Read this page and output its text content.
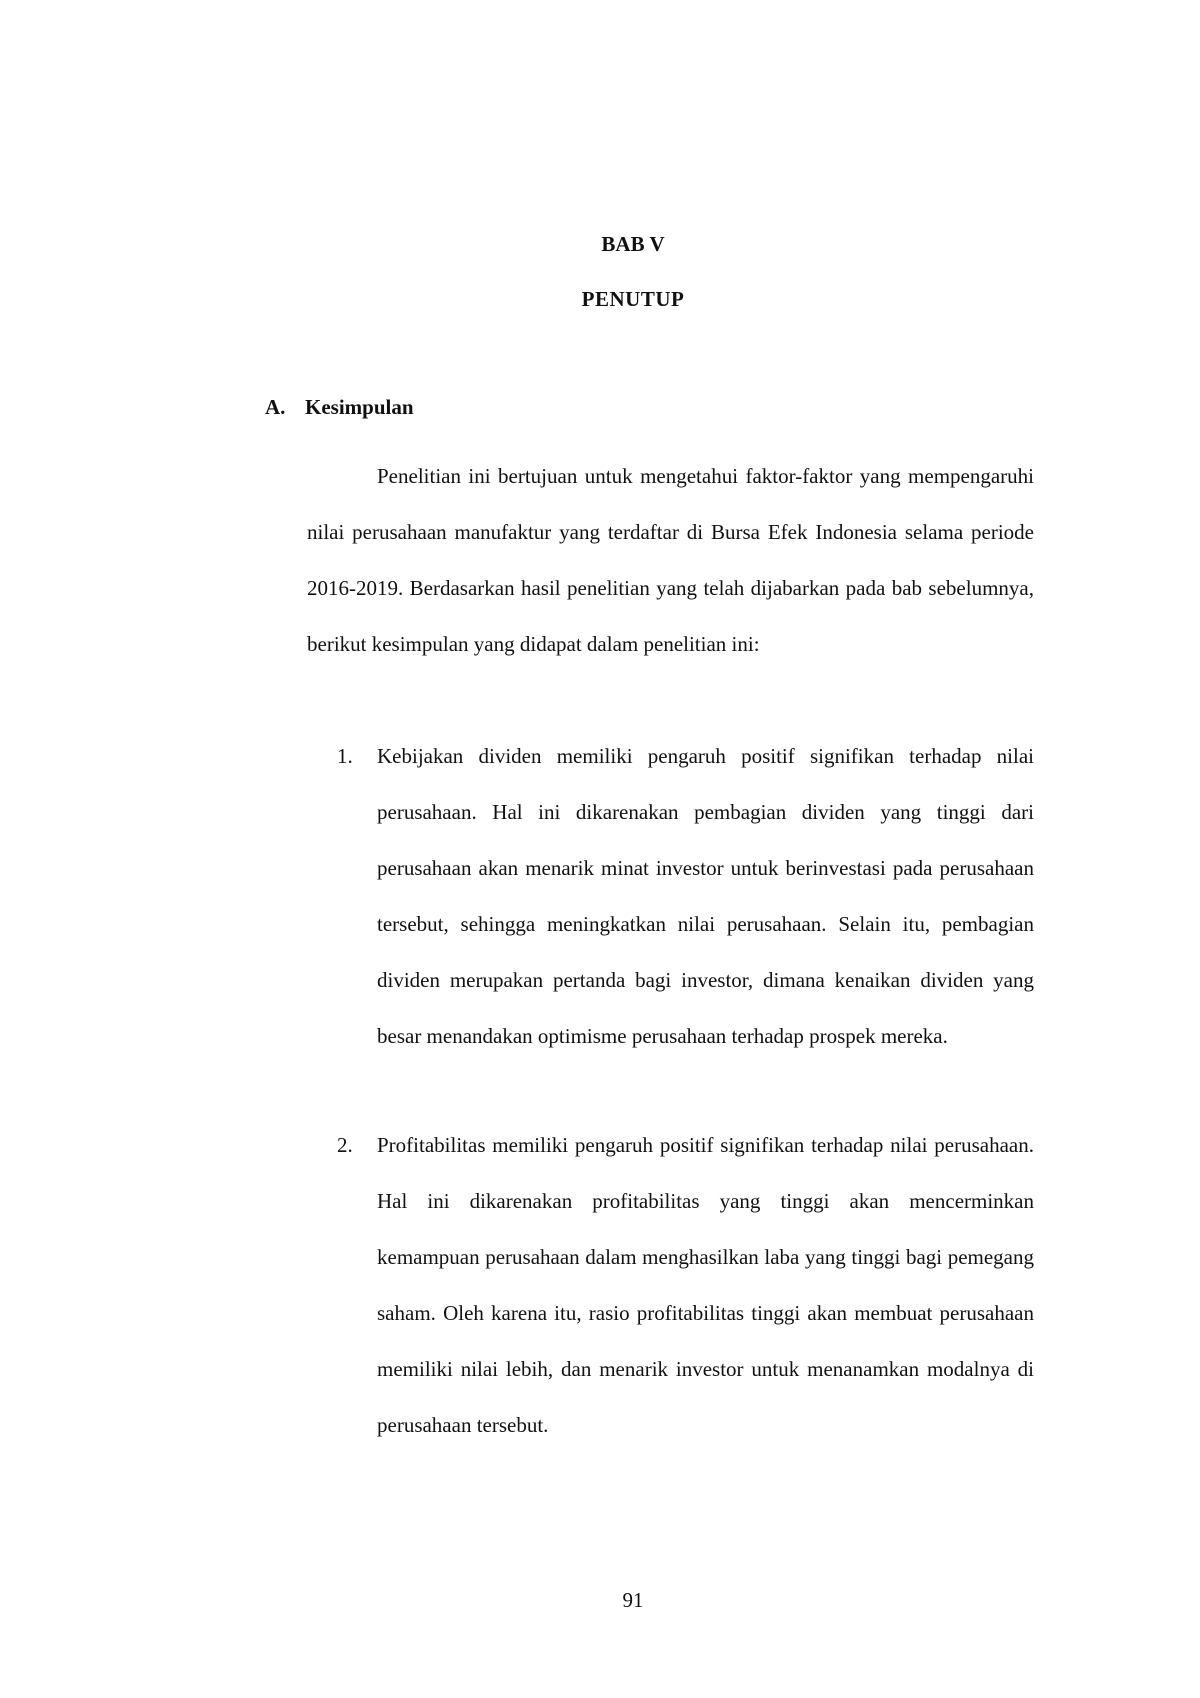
BAB V
PENUTUP
A. Kesimpulan

Penelitian ini bertujuan untuk mengetahui faktor-faktor yang mempengaruhi nilai perusahaan manufaktur yang terdaftar di Bursa Efek Indonesia selama periode 2016-2019. Berdasarkan hasil penelitian yang telah dijabarkan pada bab sebelumnya, berikut kesimpulan yang didapat dalam penelitian ini:

1. Kebijakan dividen memiliki pengaruh positif signifikan terhadap nilai perusahaan. Hal ini dikarenakan pembagian dividen yang tinggi dari perusahaan akan menarik minat investor untuk berinvestasi pada perusahaan tersebut, sehingga meningkatkan nilai perusahaan. Selain itu, pembagian dividen merupakan pertanda bagi investor, dimana kenaikan dividen yang besar menandakan optimisme perusahaan terhadap prospek mereka.
2. Profitabilitas memiliki pengaruh positif signifikan terhadap nilai perusahaan. Hal ini dikarenakan profitabilitas yang tinggi akan mencerminkan kemampuan perusahaan dalam menghasilkan laba yang tinggi bagi pemegang saham. Oleh karena itu, rasio profitabilitas tinggi akan membuat perusahaan memiliki nilai lebih, dan menarik investor untuk menanamkan modalnya di perusahaan tersebut.
91
